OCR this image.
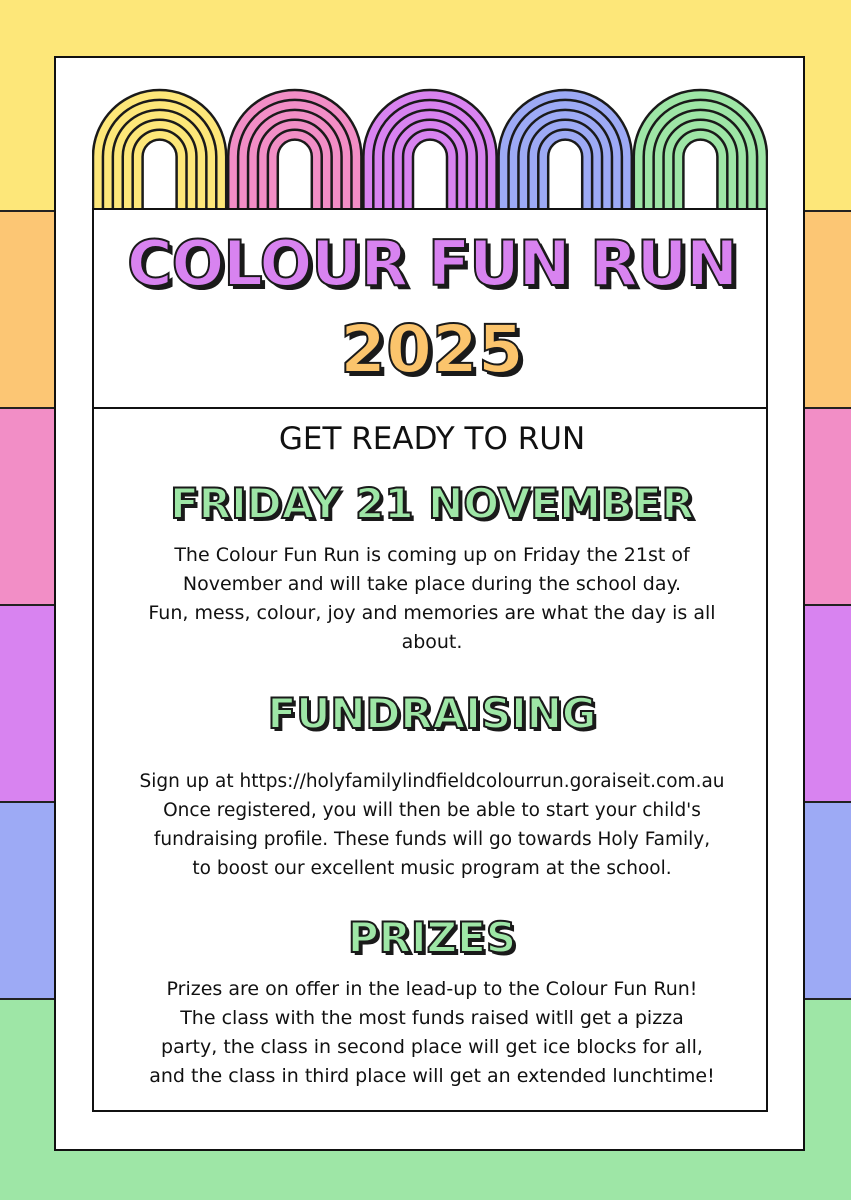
COLOUR FUN RUN
2025
GET READY TO RUN
FRIDAY 21 NOVEMBER
The Colour Fun Run is coming up on Friday the 21st of
November and will take place during the school day.
Fun, mess, colour, joy and memories are what the day is all
about.
FUNDRAISING
Sign up at https://holyfamilylindfieldcolourrun.goraiseit.com.au
Once registered, you will then be able to start your child's
fundraising profile. These funds will go towards Holy Family,
to boost our excellent music program at the school.
PRIZES
Prizes are on offer in the lead-up to the Colour Fun Run!
The class with the most funds raised witll get a pizza
party, the class in second place will get ice blocks for all,
and the class in third place will get an extended lunchtime!
